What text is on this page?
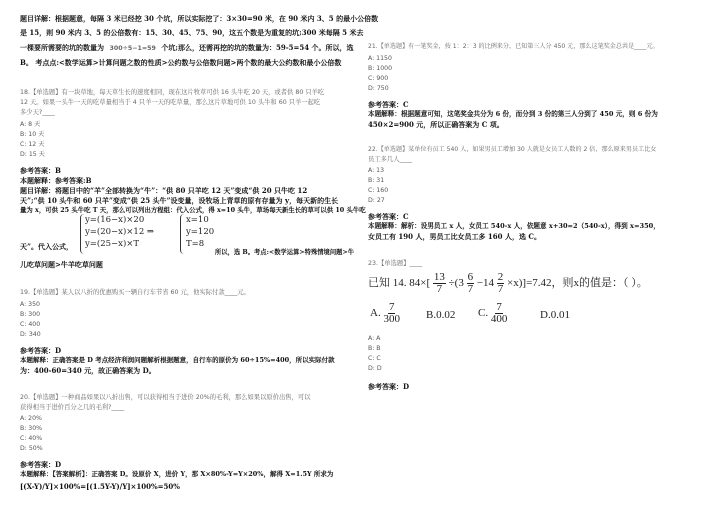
题目详解：根据题意，每隔 3 米已经挖 30 个坑，所以实际挖了：3×30=90 米，在 90 米内 3、5 的最小公倍数
是 15，则 90 米内 3、5 的公倍数有：15、30、45、75、90，这五个数是为重复的坑;300 米每隔 5 米去
一棵要所需要的坑的数量为 300÷5−1=59 个坑;那么，还需再挖的坑的数量为：59-5=54 个。所以，选
B。 考点点:<数学运算>计算问题之数的性质>公约数与公倍数问题>两个数的最大公约数和最小公倍数
18.【单选题】有一块草地，每天草生长的速度相同，现在这片牧草可供 16 头牛吃 20 天，或者供 80 只羊吃
12 天。如果一头牛一天的吃草量相当于 4 只羊一天的吃草量，那么这片草地可供 10 头牛和 60 只羊一起吃
多少天?____
A: 8 天
B: 10 天
C: 12 天
D: 15 天
参考答案：B
本题解释：参考答案:B
题目详解：将题目中的“羊”全部转换为“牛”：“供 80 只羊吃 12 天”变成“供 20 只牛吃 12
天”;“供 10 头牛和 60 只羊”变成“供 25 头牛”设变量，设牧场上青草的原有存量为 y，每天新的生长
量为 x，可供 25 头牛吃 T 天，那么可以列出方程组：代入公式，得 x=10 头牛，草场每天新生长的草可以供 10 头牛吃
天”。代入公式，
y=(16−x)×20
y=(20−x)×12 ⇒
y=(25−x)×T
x=10
y=120
T=8
所以，选 B。考点:<数学运算>特殊情境问题>牛
儿吃草问题>牛羊吃草问题
19.【单选题】某人以八折的优惠购买一辆自行车节省 60 元，他实际付款____元。
A: 350
B: 300
C: 400
D: 340
参考答案：D
本题解释：正确答案是 D 考点经济利润问题解析根据题意，自行车的原价为 60÷15%=400，所以实际付款
为：400-60=340 元，故正确答案为 D。
20.【单选题】一种商品如果以八折出售，可以获得相当于进价 20%的毛利，那么如果以原价出售，可以
获得相当于进价百分之几的毛利?____
A: 20%
B: 30%
C: 40%
D: 50%
参考答案：D
本题解释：【答案解析】：正确答案 D。设原价 X，进价 Y，那 X×80%-Y=Y×20%，解得 X=1.5Y 所求为
[(X-Y)/Y]×100%=[(1.5Y-Y)/Y]×100%=50%
21.【单选题】有一笔奖金，按 1：2：3 的比例来分，已知第三人分 450 元，那么这笔奖金总共是____元。
A: 1150
B: 1000
C: 900
D: 750
参考答案：C
本题解释：根据题意可知，这笔奖金共分为 6 份，而分到 3 份的第三人分到了 450 元，则 6 份为
450×2=900 元，所以正确答案为 C 项。
22.【单选题】某单位有员工 540 人，如果男员工增加 30 人就是女员工人数的 2 倍，那么原来男员工比女
员工多几人____
A: 13
B: 31
C: 160
D: 27
参考答案：C
本题解释：解析：设男员工 x 人，女员工 540-x 人，依题意 x+30=2（540-x），得到 x=350，
女员工有 190 人，男员工比女员工多 160 人，选 C。
23.【单选题】____
已知 14. $84\times[ \frac{13}{7} \div(3 \frac{6}{7} -14 \frac{2}{7} \times x)]=7.42$，则x的值是：（ ）。
A. $\frac{7}{300} B.0.02$ C. $\frac{7}{400}$	D.0.01
A: A
B: B
C: C
D: D
参考答案：D
